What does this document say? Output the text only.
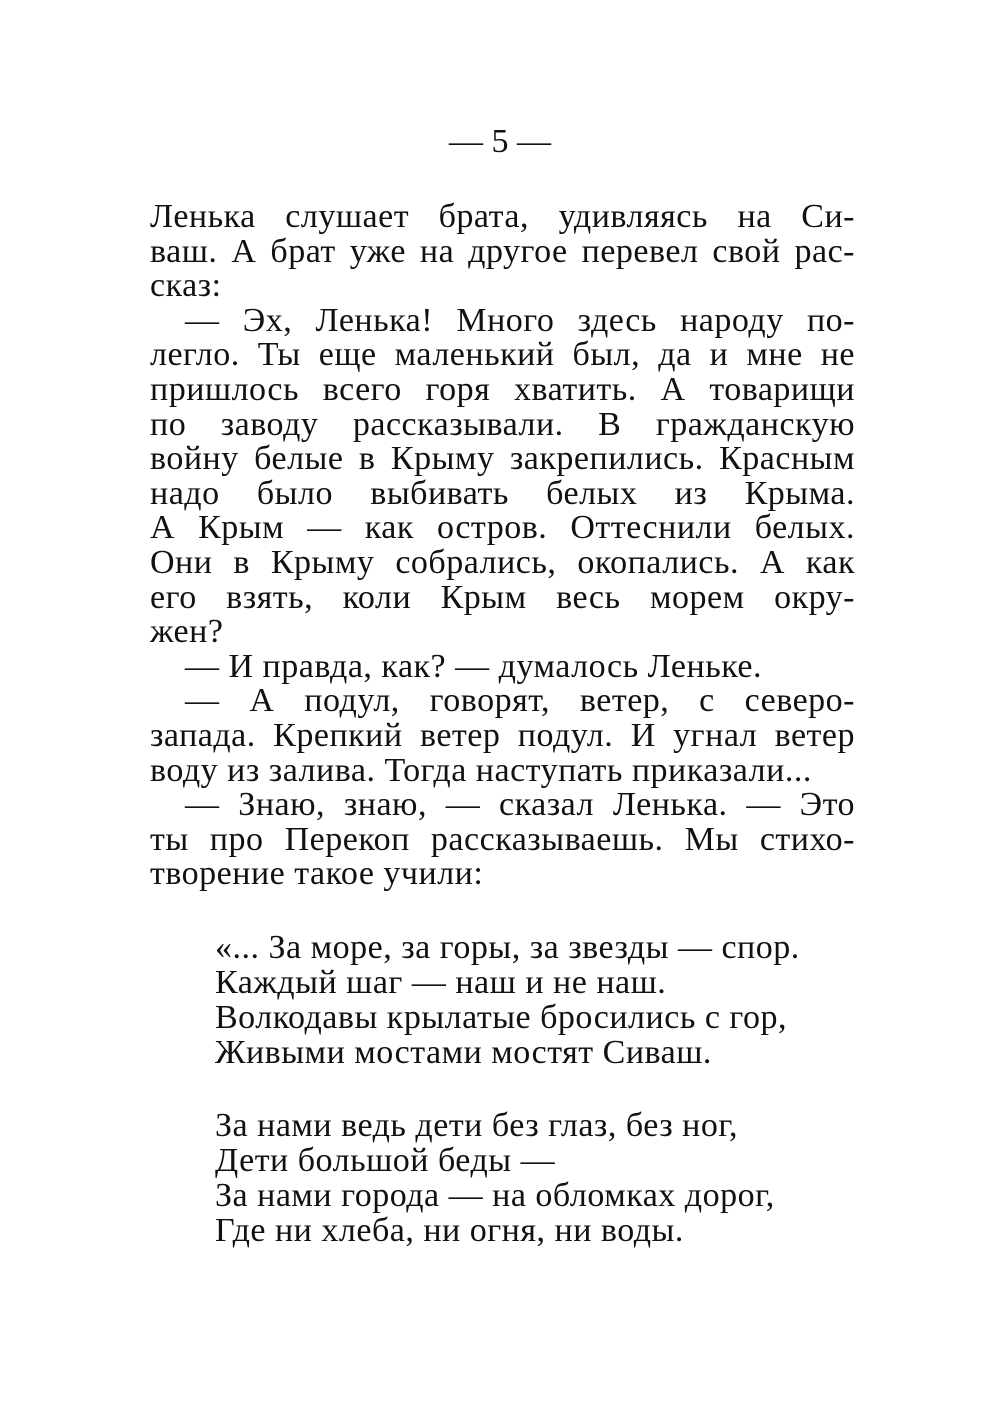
— 5 —
Ленька слушает брата, удивляясь на Си-
ваш. А брат уже на другое перевел свой рас-
сказ:
— Эх, Ленька! Много здесь народу по-
легло. Ты еще маленький был, да и мне не
пришлось всего горя хватить. А товарищи
по заводу рассказывали. В гражданскую
войну белые в Крыму закрепились. Красным
надо было выбивать белых из Крыма.
А Крым — как остров. Оттеснили белых.
Они в Крыму собрались, окопались. А как
его взять, коли Крым весь морем окру-
жен?
— И правда, как? — думалось Леньке.
— А подул, говорят, ветер, с северо-
запада. Крепкий ветер подул. И угнал ветер
воду из залива. Тогда наступать приказали...
— Знаю, знаю, — сказал Ленька. — Это
ты про Перекоп рассказываешь. Мы стихо-
творение такое учили:
«... За море, за горы, за звезды — спор.
Каждый шаг — наш и не наш.
Волкодавы крылатые бросились с гор,
Живыми мостами мостят Сиваш.
За нами ведь дети без глаз, без ног,
Дети большой беды —
За нами города — на обломках дорог,
Где ни хлеба, ни огня, ни воды.
